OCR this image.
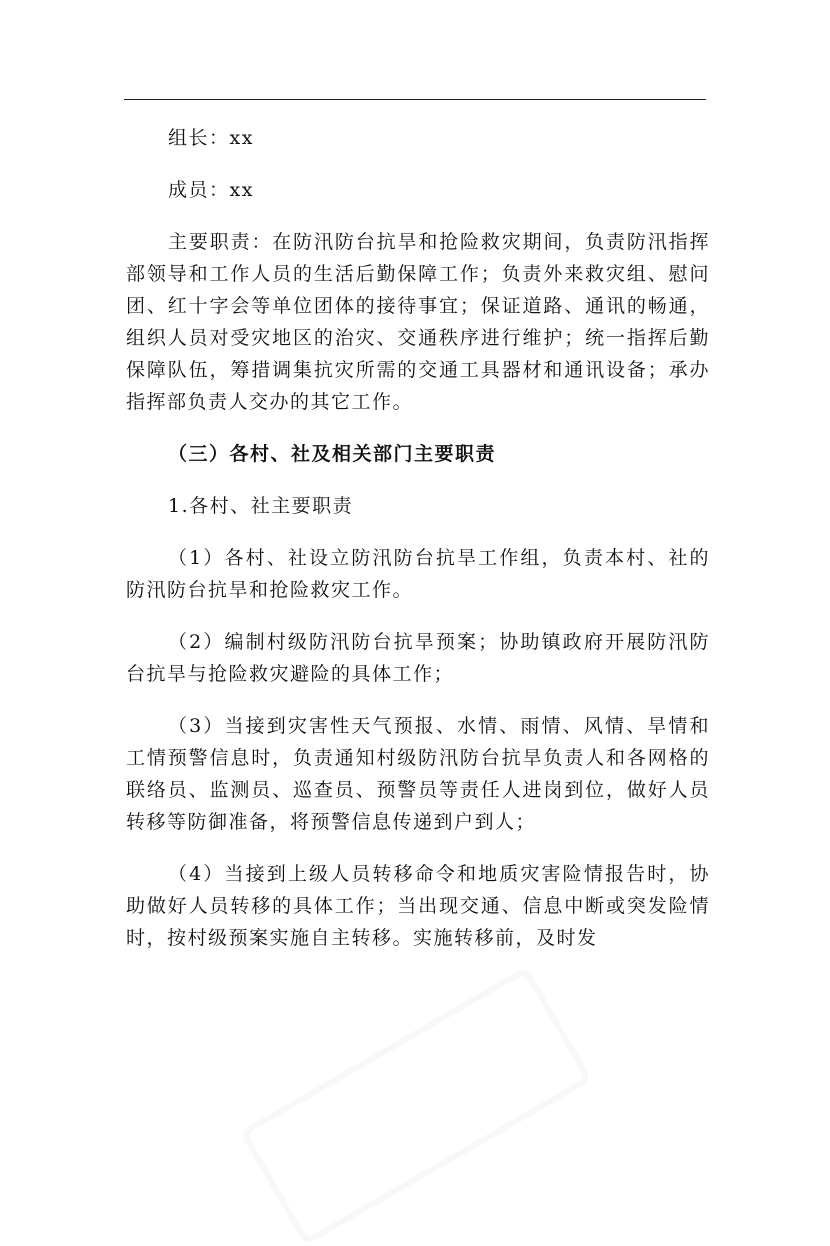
组长：xx

成员：xx

主要职责：在防汛防台抗旱和抢险救灾期间，负责防汛指挥部领导和工作人员的生活后勤保障工作；负责外来救灾组、慰问团、红十字会等单位团体的接待事宜；保证道路、通讯的畅通，组织人员对受灾地区的治灾、交通秩序进行维护；统一指挥后勤保障队伍，筹措调集抗灾所需的交通工具器材和通讯设备；承办指挥部负责人交办的其它工作。

（三）各村、社及相关部门主要职责

1.各村、社主要职责

（1）各村、社设立防汛防台抗旱工作组，负责本村、社的防汛防台抗旱和抢险救灾工作。

（2）编制村级防汛防台抗旱预案；协助镇政府开展防汛防台抗旱与抢险救灾避险的具体工作；

（3）当接到灾害性天气预报、水情、雨情、风情、旱情和工情预警信息时，负责通知村级防汛防台抗旱负责人和各网格的联络员、监测员、巡查员、预警员等责任人进岗到位，做好人员转移等防御准备，将预警信息传递到户到人；

（4）当接到上级人员转移命令和地质灾害险情报告时，协助做好人员转移的具体工作；当出现交通、信息中断或突发险情时，按村级预案实施自主转移。实施转移前，及时发
